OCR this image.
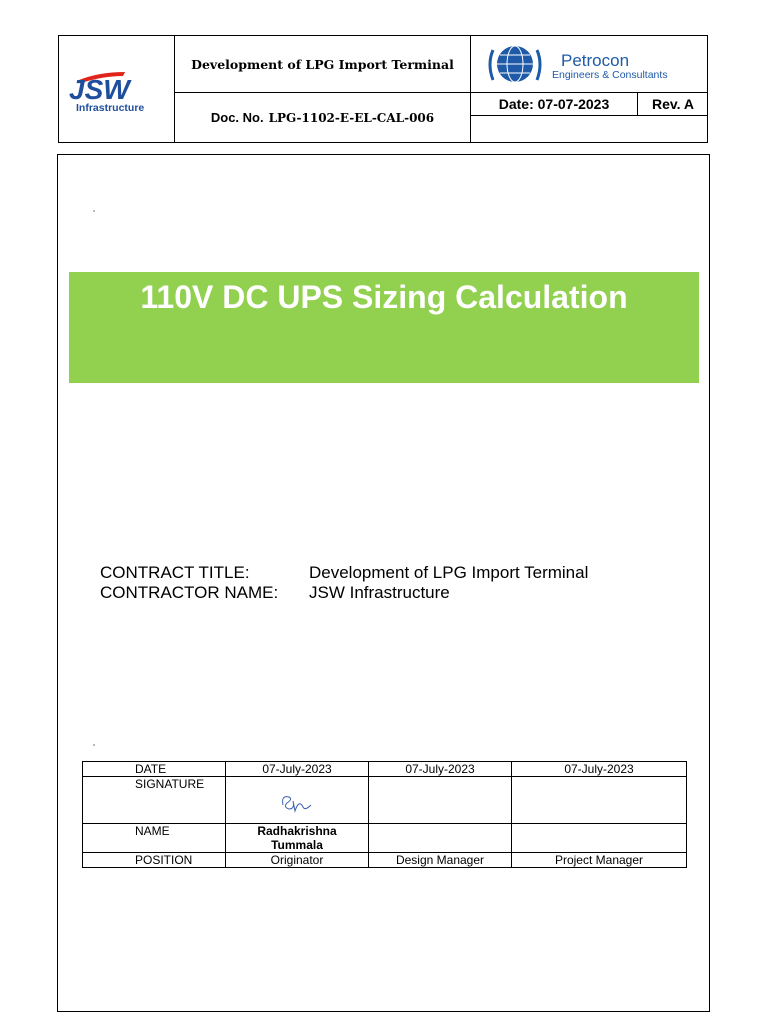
JSW
Infrastructure
Development of LPG Import Terminal
Doc. No. LPG-1102-E-EL-CAL-006
Petrocon
Engineers & Consultants
Date: 07-07-2023	Rev. A
110V DC UPS Sizing Calculation
CONTRACT TITLE:	Development of LPG Import Terminal
CONTRACTOR NAME:	JSW Infrastructure
DATE	07-July-2023	07-July-2023	07-July-2023
SIGNATURE			
NAME	Radhakrishna Tummala		
POSITION	Originator	Design Manager	Project Manager
